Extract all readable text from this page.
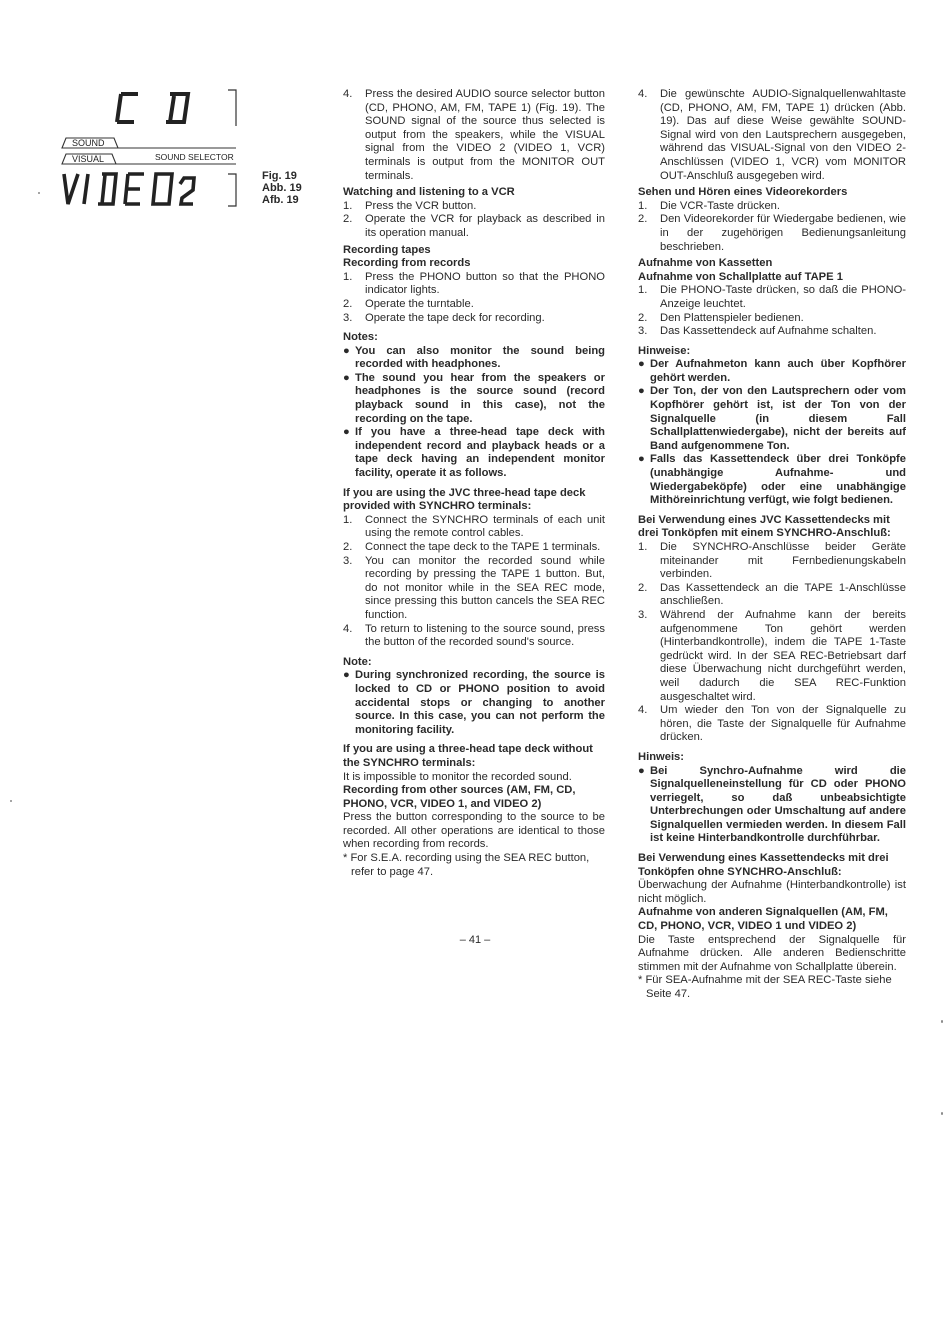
SOUND
VISUAL	SOUND SELECTOR
Fig. 19
Abb. 19
Afb. 19
4.	Press the desired AUDIO source selector button (CD, PHONO, AM, FM, TAPE 1) (Fig. 19). The SOUND signal of the source thus selected is output from the speakers, while the VISUAL signal from the VIDEO 2 (VIDEO 1, VCR) terminals is output from the MONITOR OUT terminals.

Watching and listening to a VCR

1.	Press the VCR button.
2.	Operate the VCR for playback as described in its operation manual.

Recording tapes

Recording from records

1.	Press the PHONO button so that the PHONO indicator lights.
2.	Operate the turntable.
3.	Operate the tape deck for recording.

Notes:

● You can also monitor the sound being recorded with headphones.
● The sound you hear from the speakers or headphones is the source sound (record playback sound in this case), not the recording on the tape.
● If you have a three-head tape deck with independent record and playback heads or a tape deck having an independent monitor facility, operate it as follows.

If you are using the JVC three-head tape deck provided with SYNCHRO terminals:

1.	Connect the SYNCHRO terminals of each unit using the remote control cables.
2.	Connect the tape deck to the TAPE 1 terminals.
3.	You can monitor the recorded sound while recording by pressing the TAPE 1 button. But, do not monitor while in the SEA REC mode, since pressing this button cancels the SEA REC function.
4.	To return to listening to the source sound, press the button of the recorded sound's source.

Note:

● During synchronized recording, the source is locked to CD or PHONO position to avoid accidental stops or changing to another source. In this case, you can not perform the monitoring facility.

If you are using a three-head tape deck without the SYNCHRO terminals:

It is impossible to monitor the recorded sound.

Recording from other sources (AM, FM, CD, PHONO, VCR, VIDEO 1, and VIDEO 2)

Press the button corresponding to the source to be recorded. All other operations are identical to those when recording from records.

* For S.E.A. recording using the SEA REC button, refer to page 47.

4.	Die gewünschte AUDIO-Signalquellenwahltaste (CD, PHONO, AM, FM, TAPE 1) drücken (Abb. 19). Das auf diese Weise gewählte SOUND-Signal wird von den Lautsprechern ausgegeben, während das VISUAL-Signal von den VIDEO 2-Anschlüssen (VIDEO 1, VCR) vom MONITOR OUT-Anschluß ausgegeben wird.

Sehen und Hören eines Videorekorders

1.	Die VCR-Taste drücken.
2.	Den Videorekorder für Wiedergabe bedienen, wie in der zugehörigen Bedienungsanleitung beschrieben.

Aufnahme von Kassetten

Aufnahme von Schallplatte auf TAPE 1

1.	Die PHONO-Taste drücken, so daß die PHONO-Anzeige leuchtet.
2.	Den Plattenspieler bedienen.
3.	Das Kassettendeck auf Aufnahme schalten.

Hinweise:

● Der Aufnahmeton kann auch über Kopfhörer gehört werden.
● Der Ton, der von den Lautsprechern oder vom Kopfhörer gehört ist, ist der Ton von der Signalquelle (in diesem Fall Schallplattenwiedergabe), nicht der bereits auf Band aufgenommene Ton.
● Falls das Kassettendeck über drei Tonköpfe (unabhängige Aufnahme- und Wiedergabeköpfe) oder eine unabhängige Mithöreinrichtung verfügt, wie folgt bedienen.

Bei Verwendung eines JVC Kassettendecks mit drei Tonköpfen mit einem SYNCHRO-Anschluß:

1.	Die SYNCHRO-Anschlüsse beider Geräte miteinander mit Fernbedienungskabeln verbinden.
2.	Das Kassettendeck an die TAPE 1-Anschlüsse anschließen.
3.	Während der Aufnahme kann der bereits aufgenommene Ton gehört werden (Hinterbandkontrolle), indem die TAPE 1-Taste gedrückt wird. In der SEA REC-Betriebsart darf diese Überwachung nicht durchgeführt werden, weil dadurch die SEA REC-Funktion ausgeschaltet wird.
4.	Um wieder den Ton von der Signalquelle zu hören, die Taste der Signalquelle für Aufnahme drücken.

Hinweis:

● Bei Synchro-Aufnahme wird die Signalquelleneinstellung für CD oder PHONO verriegelt, so daß unbeabsichtigte Unterbrechungen oder Umschaltung auf andere Signalquellen vermieden werden. In diesem Fall ist keine Hinterbandkontrolle durchführbar.

Bei Verwendung eines Kassettendecks mit drei Tonköpfen ohne SYNCHRO-Anschluß:

Überwachung der Aufnahme (Hinterbandkontrolle) ist nicht möglich.

Aufnahme von anderen Signalquellen (AM, FM, CD, PHONO, VCR, VIDEO 1 und VIDEO 2)

Die Taste entsprechend der Signalquelle für Aufnahme drücken. Alle anderen Bedienschritte stimmen mit der Aufnahme von Schallplatte überein.

* Für SEA-Aufnahme mit der SEA REC-Taste siehe Seite 47.

– 41 –
